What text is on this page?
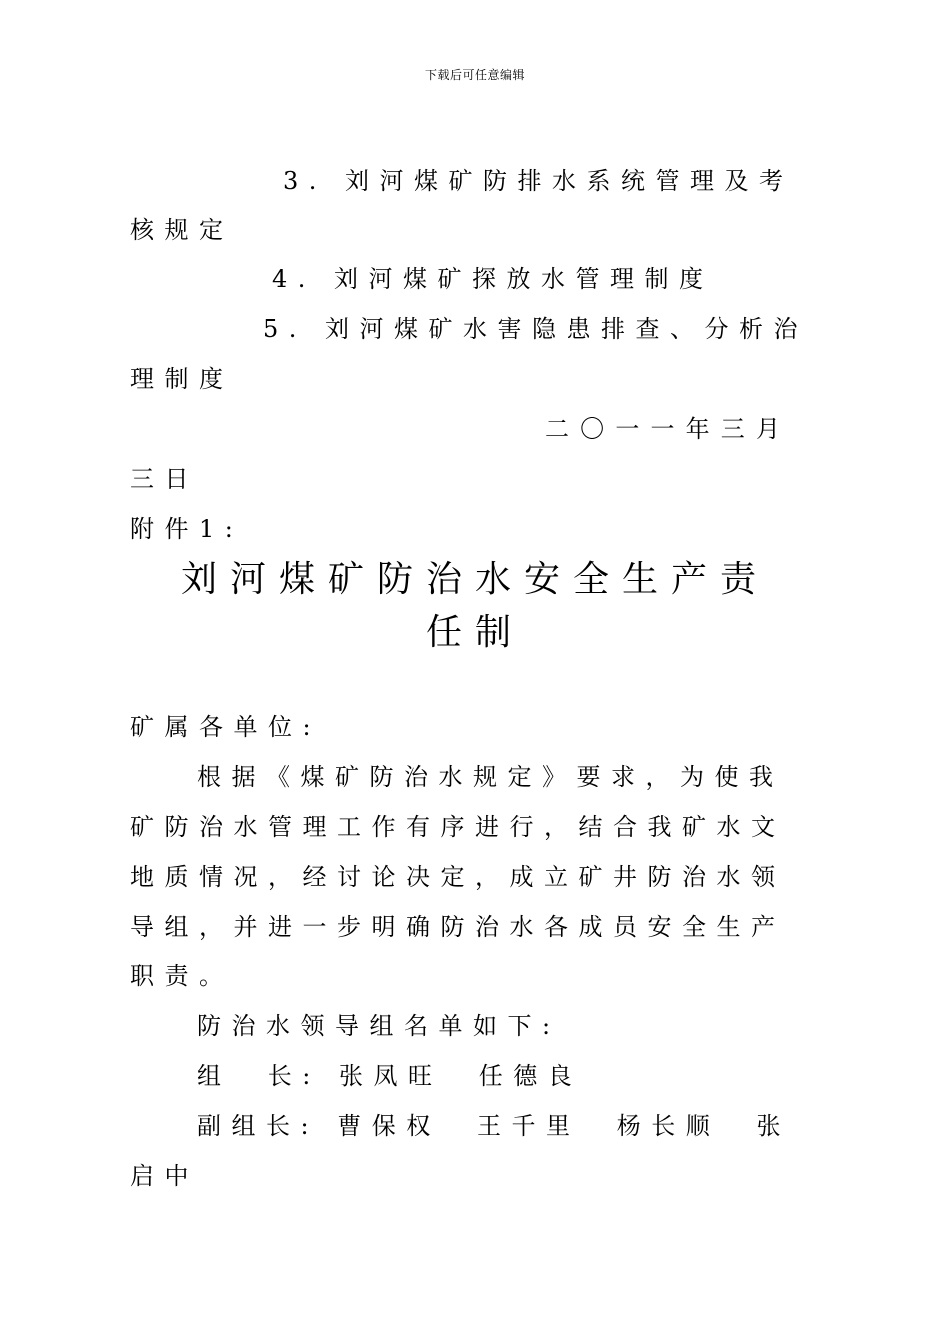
下载后可任意编辑
3. 刘河煤矿防排水系统管理及考
核规定
4. 刘河煤矿探放水管理制度
5. 刘河煤矿水害隐患排查、分析治
理制度
二 〇 一 一 年 三 月
三日
附件1:
刘河煤矿防治水安全生产责
任制
矿属各单位:
根据《煤矿防治水规定》要求，为使我
矿防治水管理工作有序进行，结合我矿水文
地质情况，经讨论决定，成立矿井防治水领
导组，并进一步明确防治水各成员安全生产
职责。
防治水领导组名单如下:
组  长: 张凤旺  任德良
副组长: 曹保权  王千里  杨长顺  张
启中
